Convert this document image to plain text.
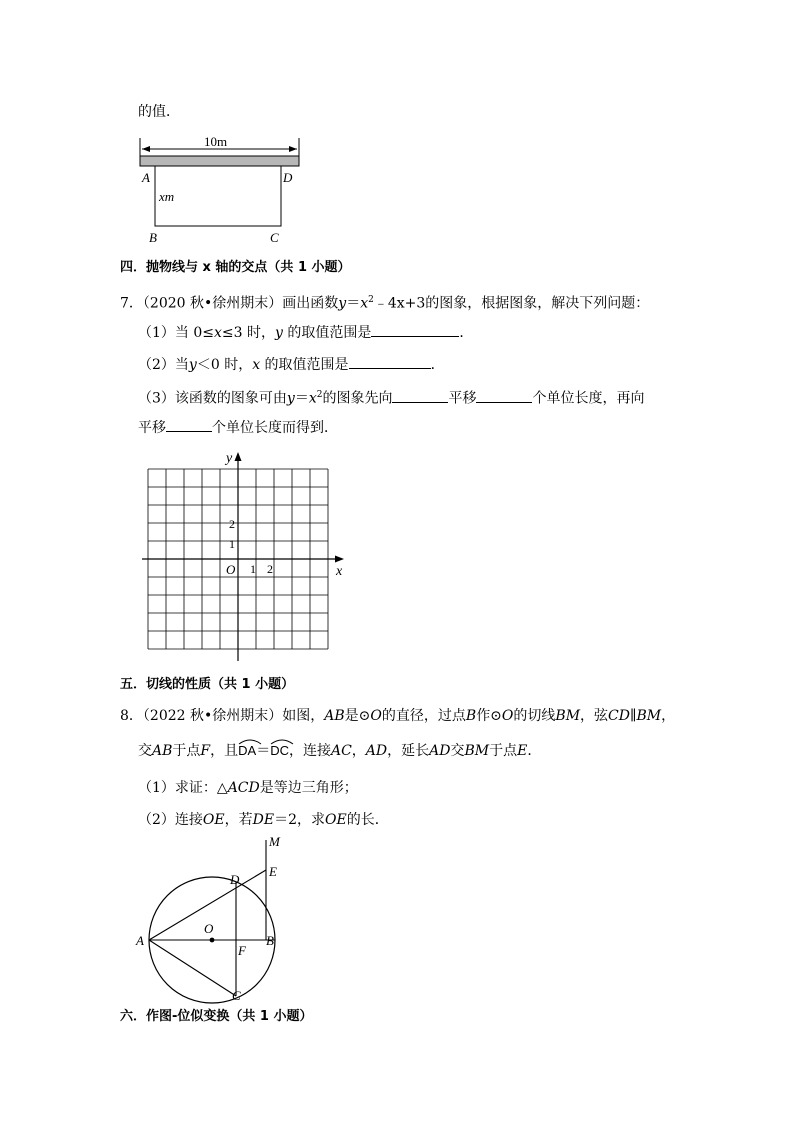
的值．
10m
A	D
B	C
xm
四．抛物线与 x 轴的交点（共 1 小题）
7．（2020 秋•徐州期末）画出函数$y=x^2﹣4x+3$的图象，根据图象，解决下列问题：
（1）当 0≤x≤3 时，y 的取值范围是	．
（2）当y＜0 时，x 的取值范围是	．
（3）该函数的图象可由$y=x^2$的图象先向	平移	个单位长度，再向
平移	个单位长度而得到．
y
x
O 1 2
1
2
五．切线的性质（共 1 小题）
8．（2022 秋•徐州期末）如图，AB是⊙O的直径，过点B作⊙O的切线BM，弦CD∥BM，
交AB于点F，且
DA＝
DC，连接AC，AD，延长AD交BM于点E．
（1）求证：△ACD是等边三角形；
（2）连接OE，若DE＝2，求OE的长．
M
E
D
O
A
F
B
C
六．作图-位似变换（共 1 小题）
